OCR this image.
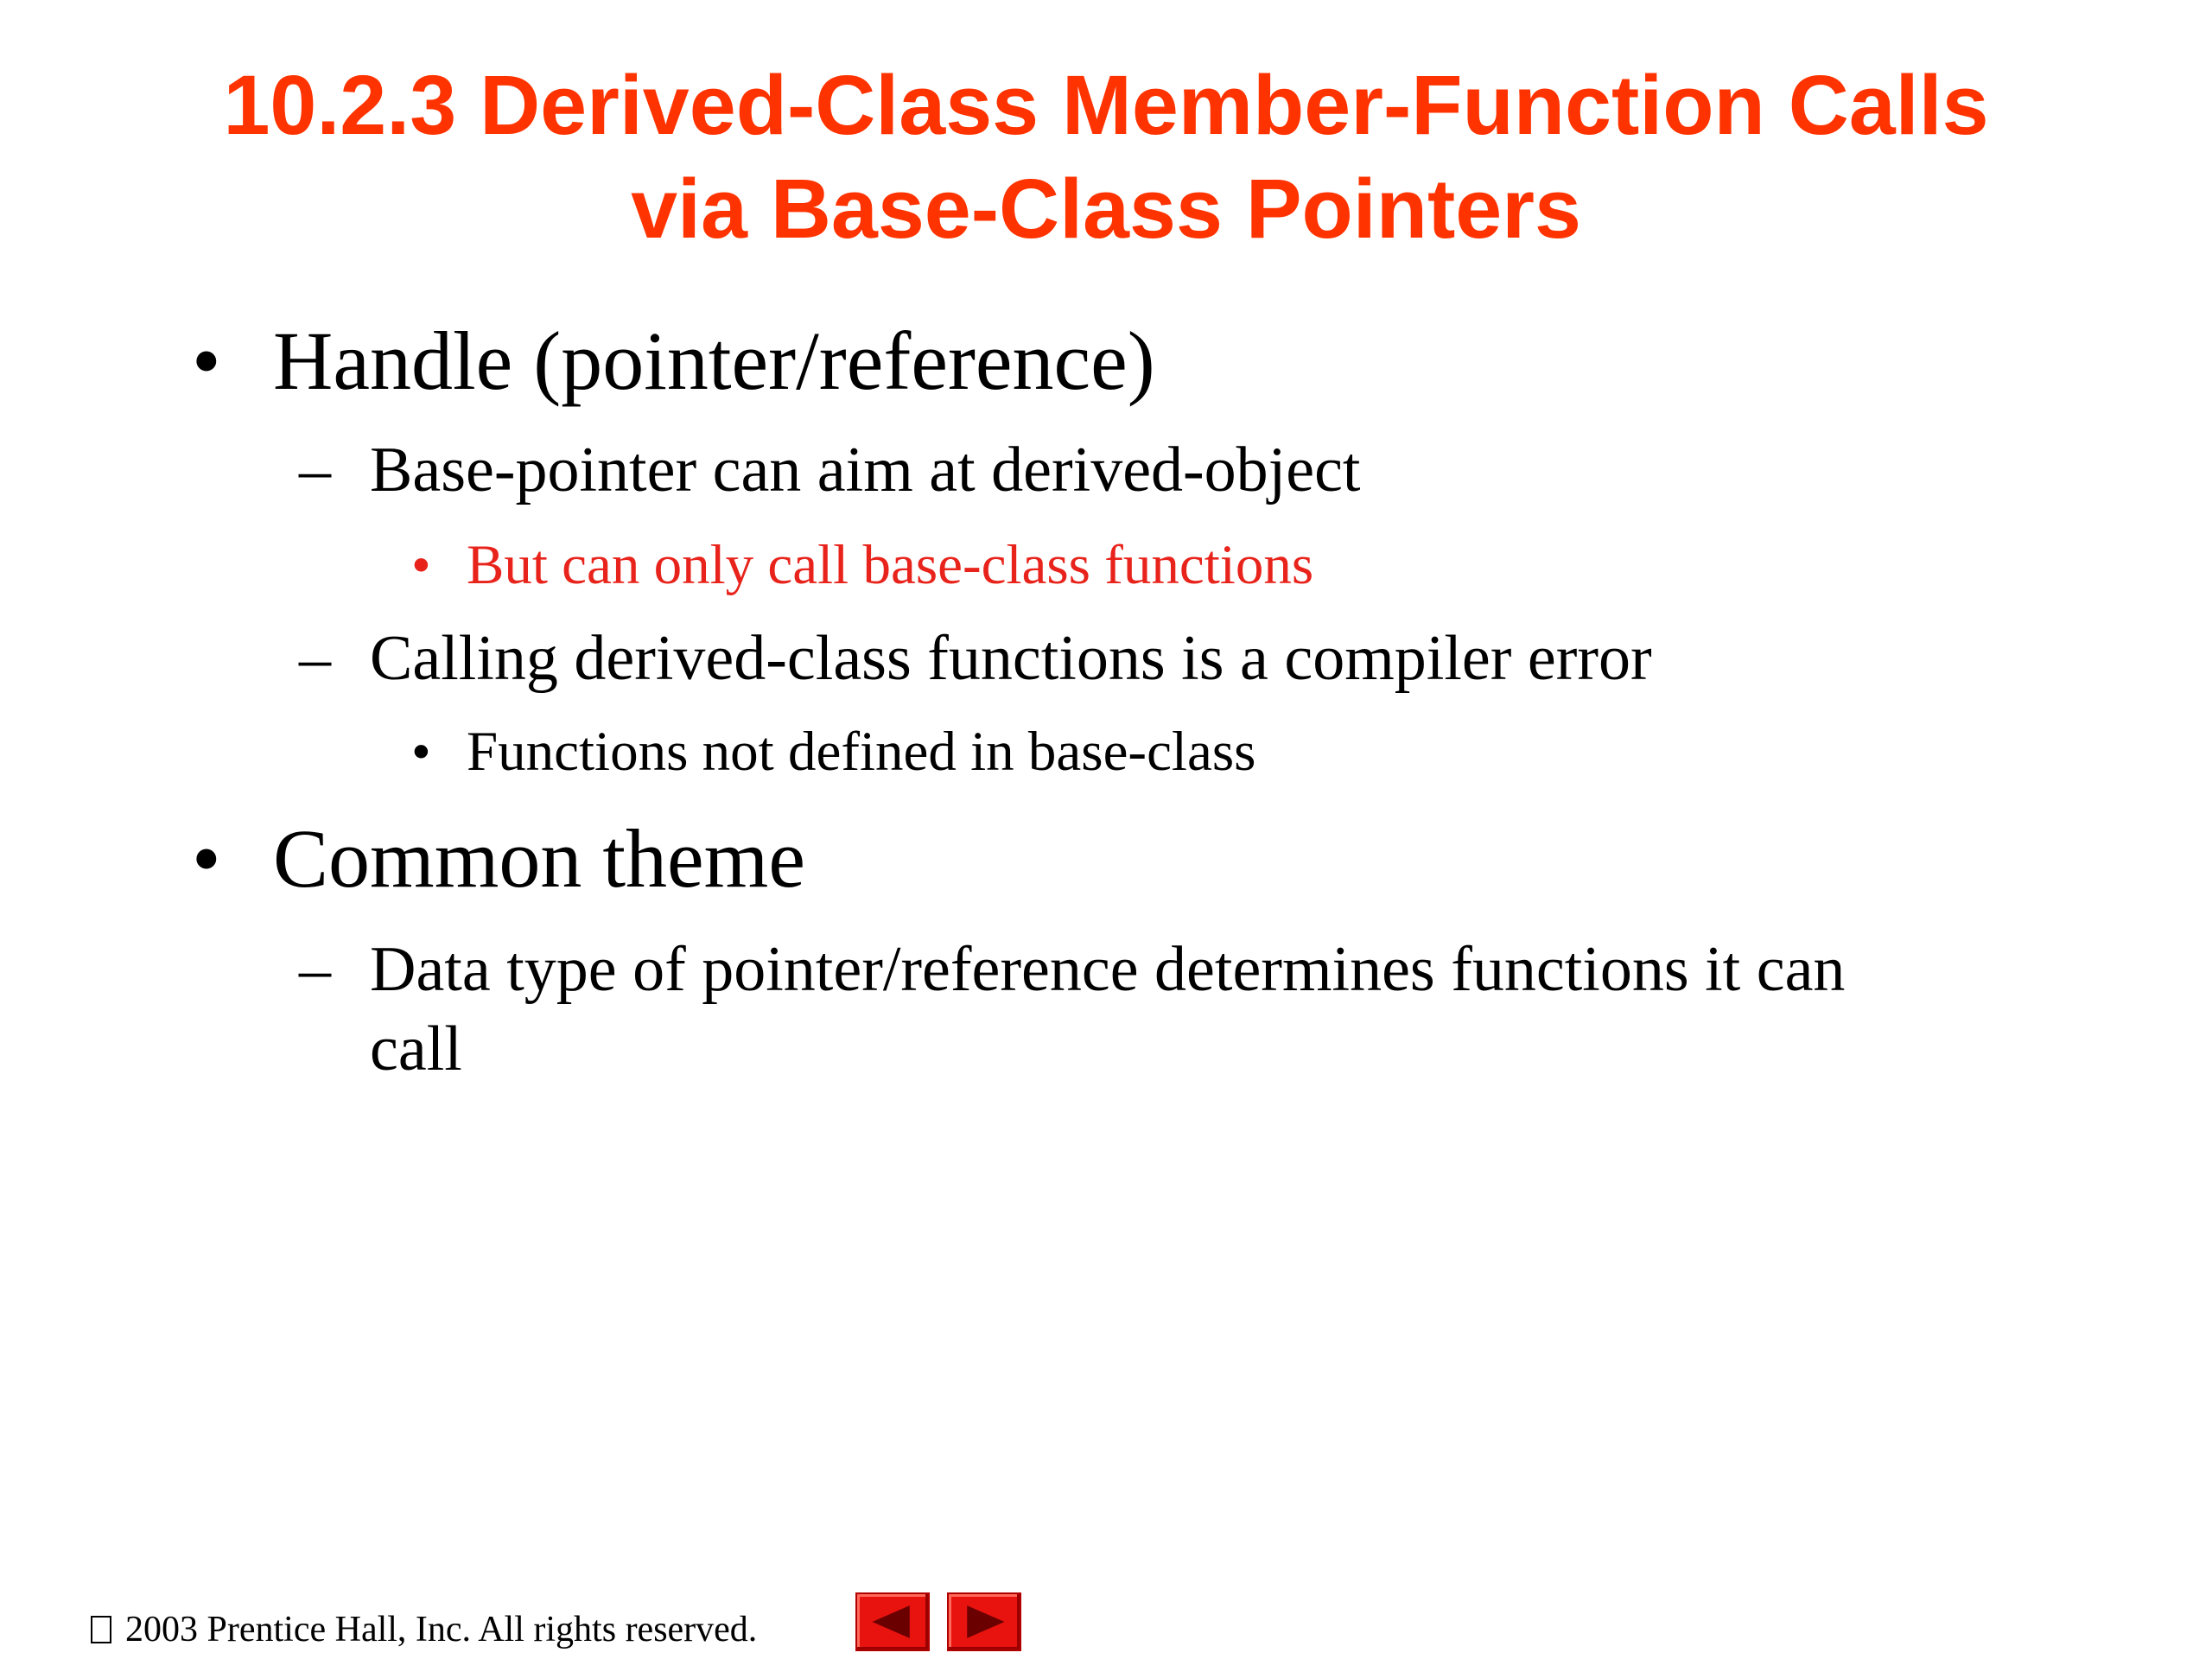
10.2.3 Derived-Class Member-Function Calls
via Base-Class Pointers
• Handle (pointer/reference)
– Base-pointer can aim at derived-object
• But can only call base-class functions
– Calling derived-class functions is a compiler error
• Functions not defined in base-class
• Common theme
– Data type of pointer/reference determines functions it can
call
2003 Prentice Hall, Inc. All rights reserved.
